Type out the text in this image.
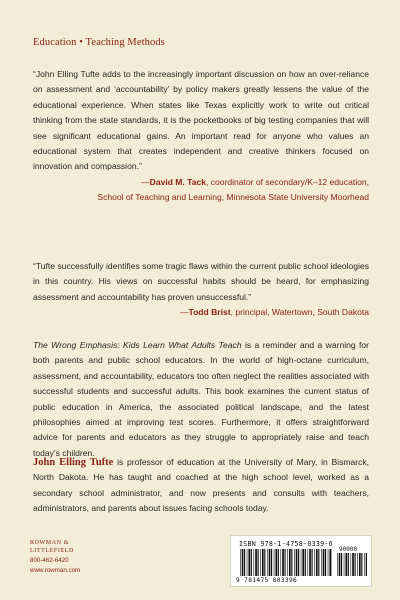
Education • Teaching Methods

“John Elling Tufte adds to the increasingly important discussion on how an over-reliance on assessment and ‘accountability’ by policy makers greatly lessens the value of the educational experience. When states like Texas explicitly work to write out critical thinking from the state standards, it is the pocketbooks of big testing companies that will see significant educational gains. An important read for anyone who values an educational system that creates independent and creative thinkers focused on innovation and compassion.”

—David M. Tack, coordinator of secondary/K–12 education,
School of Teaching and Learning, Minnesota State University Moorhead

“Tufte successfully identifies some tragic flaws within the current public school ideologies in this country. His views on successful habits should be heard, for emphasizing assessment and accountability has proven unsuccessful.”

—Todd Brist, principal, Watertown, South Dakota
The Wrong Emphasis: Kids Learn What Adults Teach is a reminder and a warning for both parents and public school educators. In the world of high-octane curriculum, assessment, and accountability, educators too often neglect the realities associated with successful students and successful adults. This book examines the current status of public education in America, the associated political landscape, and the latest philosophies aimed at improving test scores. Furthermore, it offers straightforward advice for parents and educators as they struggle to appropriately raise and teach today’s children.
John Elling Tufte is professor of education at the University of Mary, in Bismarck, North Dakota. He has taught and coached at the high school level, worked as a secondary school administrator, and now presents and consults with teachers, administrators, and parents about issues facing schools today.
ROWMAN &
LITTLEFIELD
800-462-6420
www.rowman.com
ISBN 978-1-4758-0339-6
90000
9 781475 803396
